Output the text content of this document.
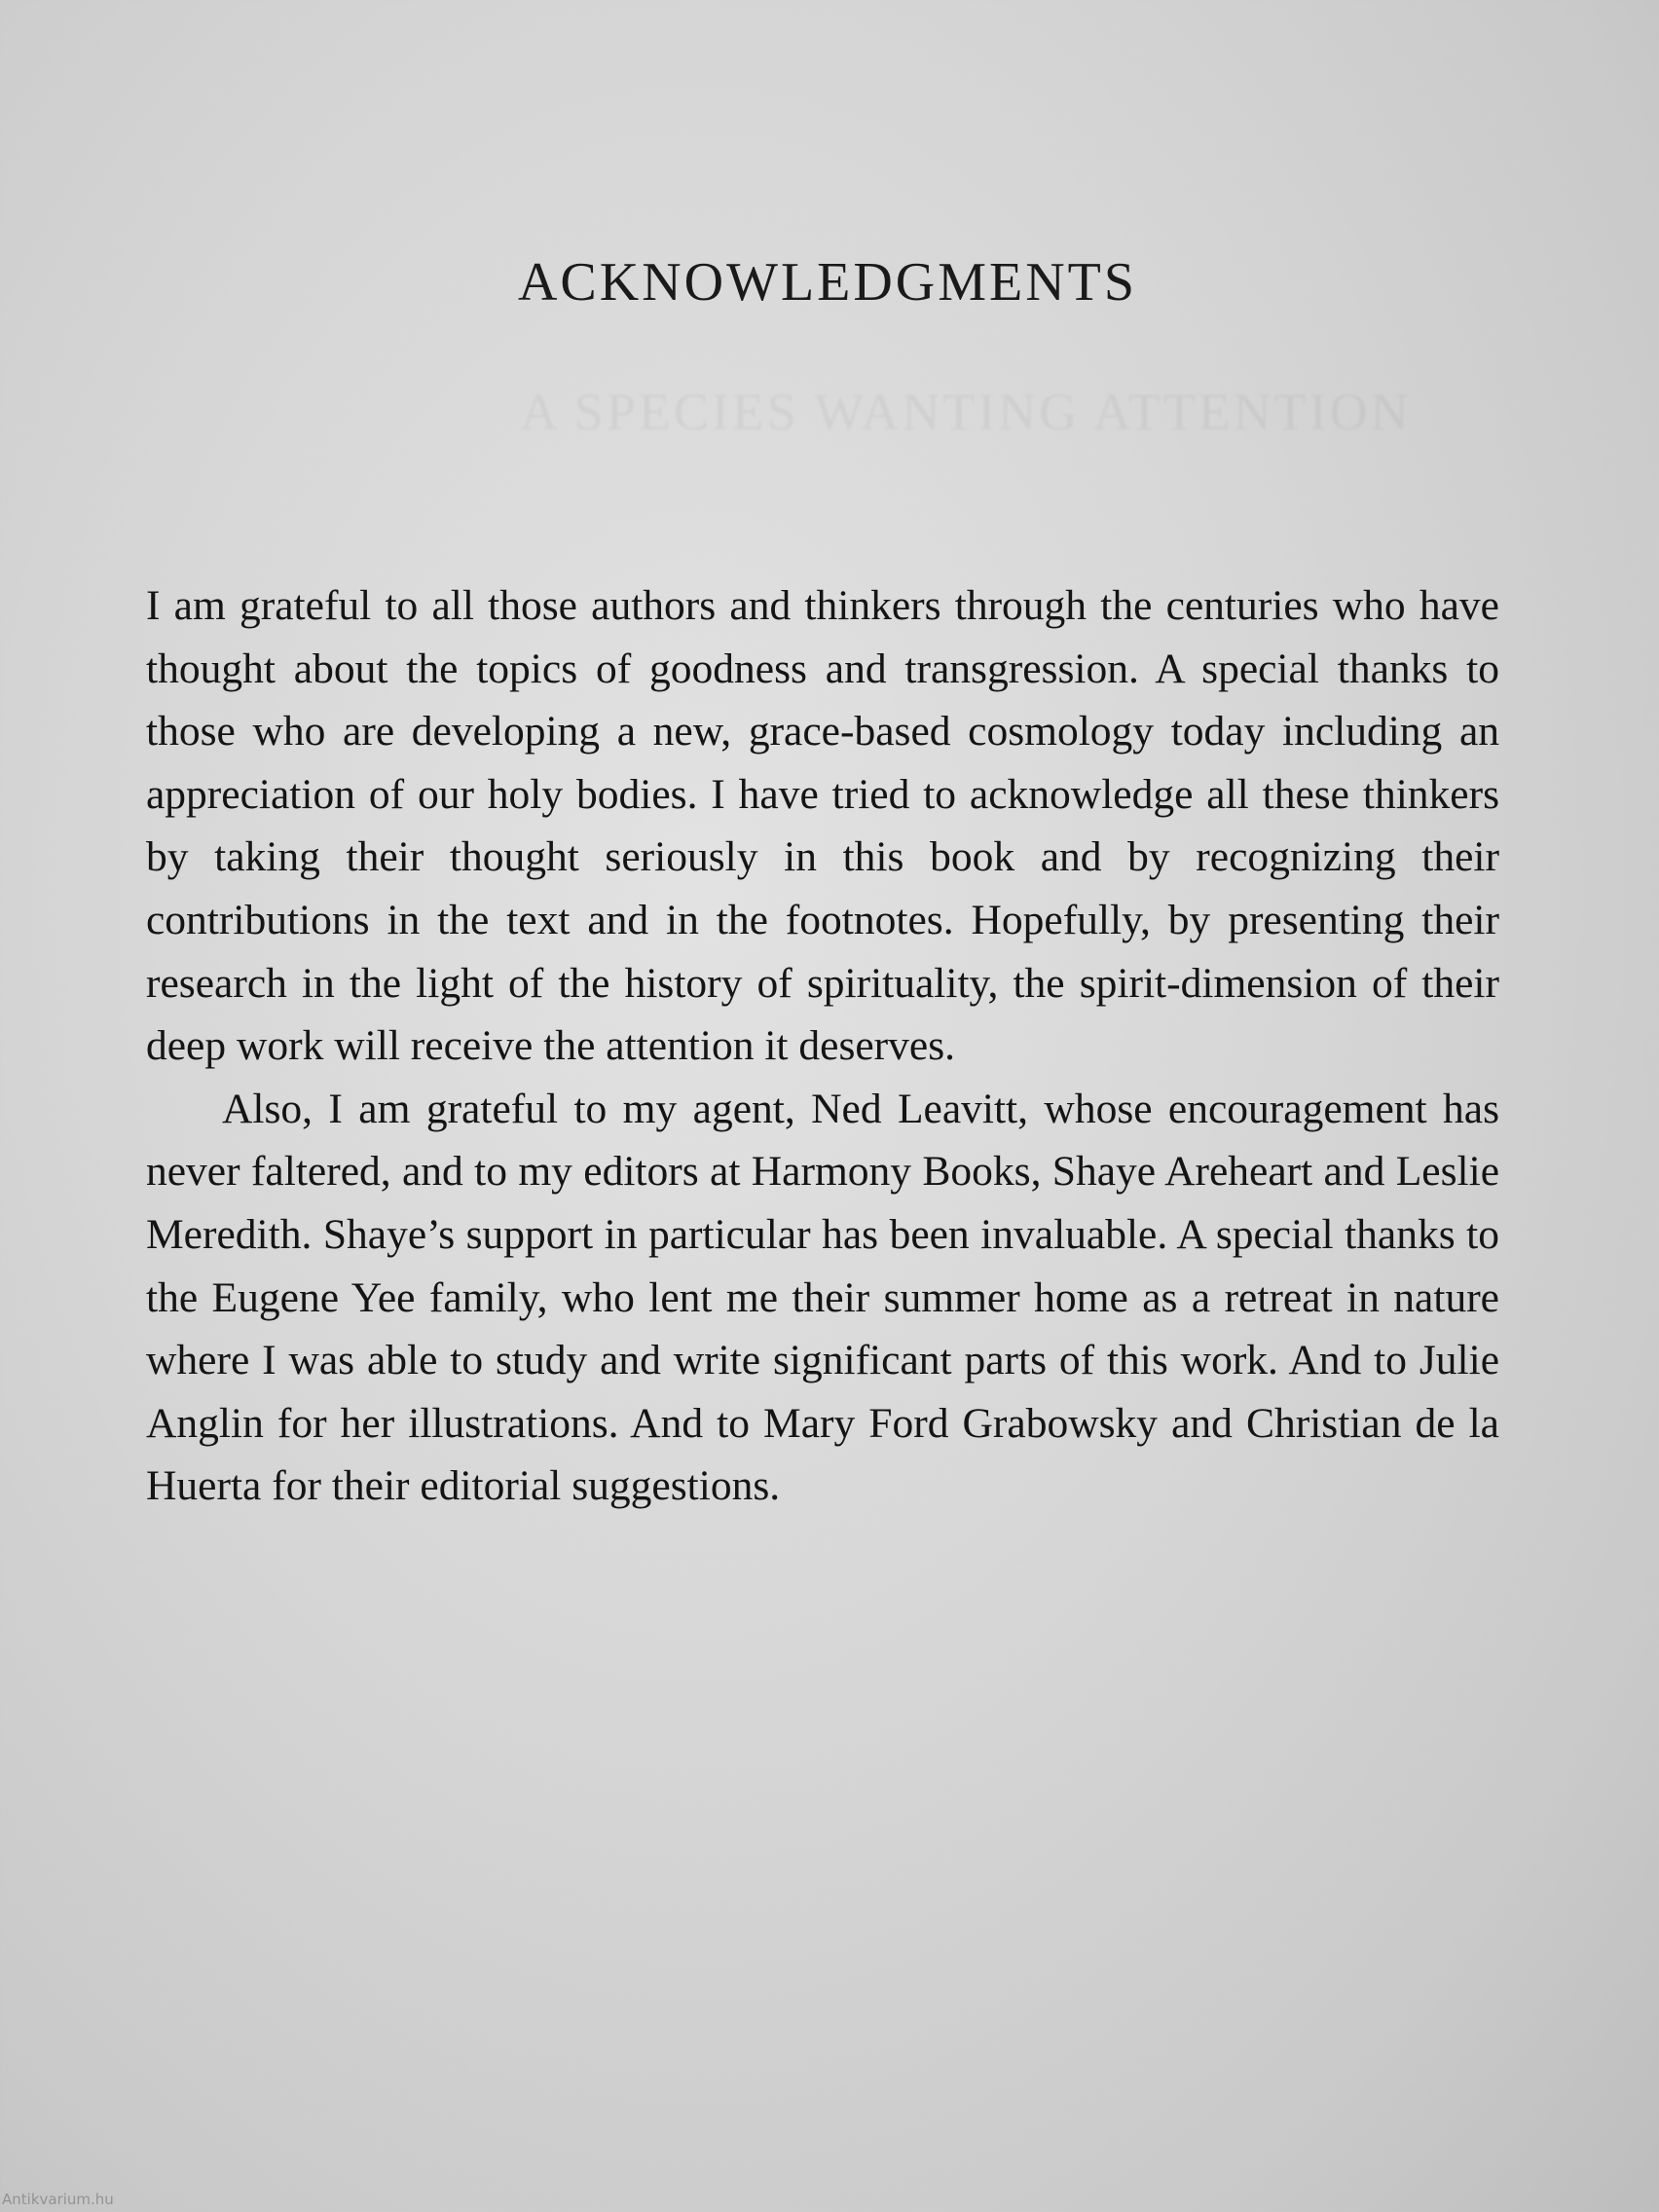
ACKNOWLEDGMENTS

I am grateful to all those authors and thinkers through the centuries who have thought about the topics of goodness and transgression. A special thanks to those who are developing a new, grace-based cosmology today including an appreciation of our holy bodies. I have tried to acknowledge all these thinkers by taking their thought seriously in this book and by recognizing their contributions in the text and in the footnotes. Hopefully, by presenting their research in the light of the history of spirituality, the spirit-dimension of their deep work will receive the attention it deserves.

Also, I am grateful to my agent, Ned Leavitt, whose encouragement has never faltered, and to my editors at Harmony Books, Shaye Areheart and Leslie Meredith. Shaye’s support in particular has been invaluable. A special thanks to the Eugene Yee family, who lent me their summer home as a retreat in nature where I was able to study and write significant parts of this work. And to Julie Anglin for her illustrations. And to Mary Ford Grabowsky and Christian de la Huerta for their editorial suggestions.

Antikvarium.hu
